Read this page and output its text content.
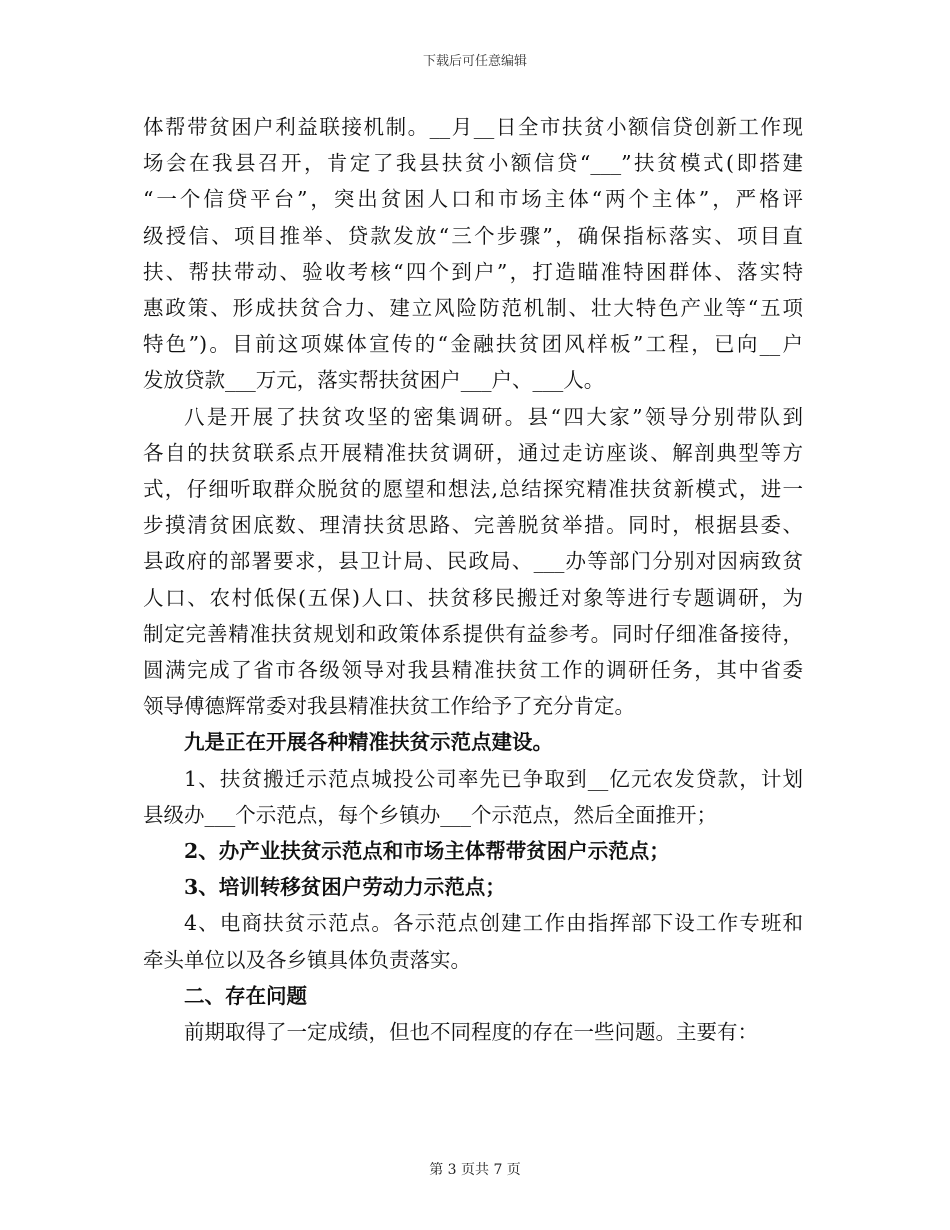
下载后可任意编辑
体帮带贫困户利益联接机制。__月__日全市扶贫小额信贷创新工作现
场会在我县召开，肯定了我县扶贫小额信贷“___”扶贫模式(即搭建
“一个信贷平台”，突出贫困人口和市场主体“两个主体”，严格评
级授信、项目推举、贷款发放“三个步骤”，确保指标落实、项目直
扶、帮扶带动、验收考核“四个到户”，打造瞄准特困群体、落实特
惠政策、形成扶贫合力、建立风险防范机制、壮大特色产业等“五项
特色”)。目前这项媒体宣传的“金融扶贫团风样板”工程，已向__户
发放贷款___万元，落实帮扶贫困户___户、___人。
八是开展了扶贫攻坚的密集调研。县“四大家”领导分别带队到
各自的扶贫联系点开展精准扶贫调研，通过走访座谈、解剖典型等方
式，仔细听取群众脱贫的愿望和想法,总结探究精准扶贫新模式，进一
步摸清贫困底数、理清扶贫思路、完善脱贫举措。同时，根据县委、
县政府的部署要求，县卫计局、民政局、___办等部门分别对因病致贫
人口、农村低保(五保)人口、扶贫移民搬迁对象等进行专题调研，为
制定完善精准扶贫规划和政策体系提供有益参考。同时仔细准备接待，
圆满完成了省市各级领导对我县精准扶贫工作的调研任务，其中省委
领导傅德辉常委对我县精准扶贫工作给予了充分肯定。
九是正在开展各种精准扶贫示范点建设。
1、扶贫搬迁示范点城投公司率先已争取到__亿元农发贷款，计划
县级办___个示范点，每个乡镇办___个示范点，然后全面推开；
2、办产业扶贫示范点和市场主体帮带贫困户示范点；
3、培训转移贫困户劳动力示范点；
4、电商扶贫示范点。各示范点创建工作由指挥部下设工作专班和
牵头单位以及各乡镇具体负责落实。
二、存在问题
前期取得了一定成绩，但也不同程度的存在一些问题。主要有：
第 3 页共 7 页
